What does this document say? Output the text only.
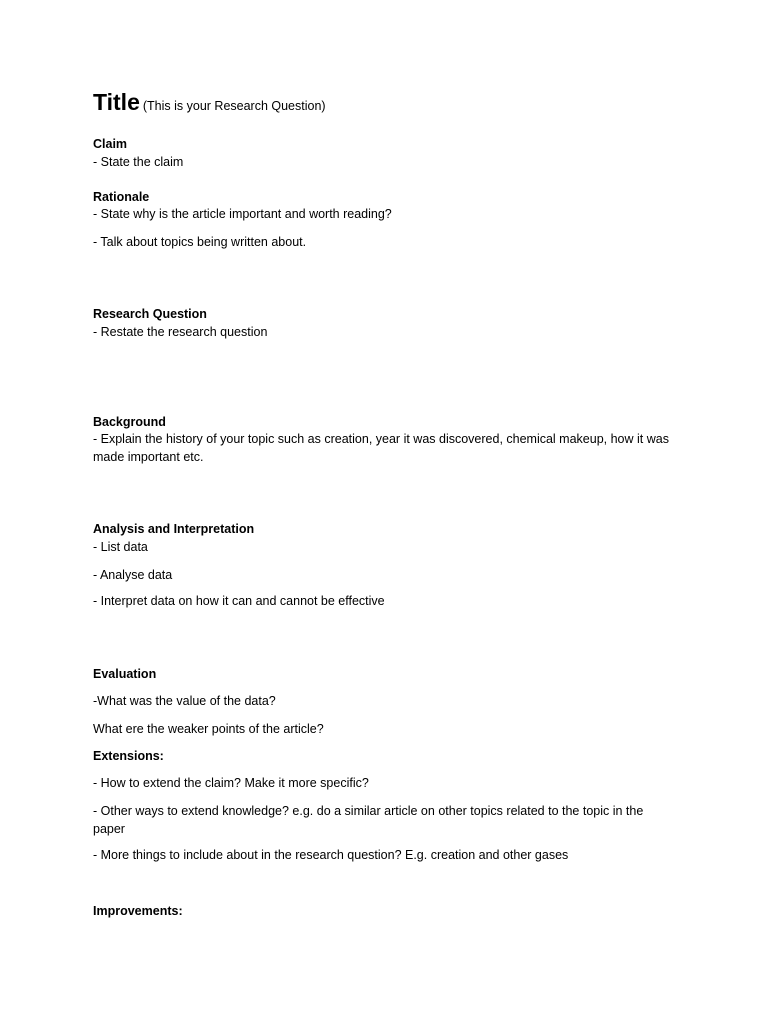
Title (This is your Research Question)
Claim
- State the claim
Rationale
- State why is the article important and worth reading?
- Talk about topics being written about.
Research Question
- Restate the research question
Background
- Explain the history of your topic such as creation, year it was discovered, chemical makeup, how it was made important etc.
Analysis and Interpretation
- List data
- Analyse data
- Interpret data on how it can and cannot be effective
Evaluation
-What was the value of the data?
What ere the weaker points of the article?
Extensions:
- How to extend the claim? Make it more specific?
- Other ways to extend knowledge? e.g. do a similar article on other topics related to the topic in the paper
- More things to include about in the research question? E.g. creation and other gases
Improvements:
